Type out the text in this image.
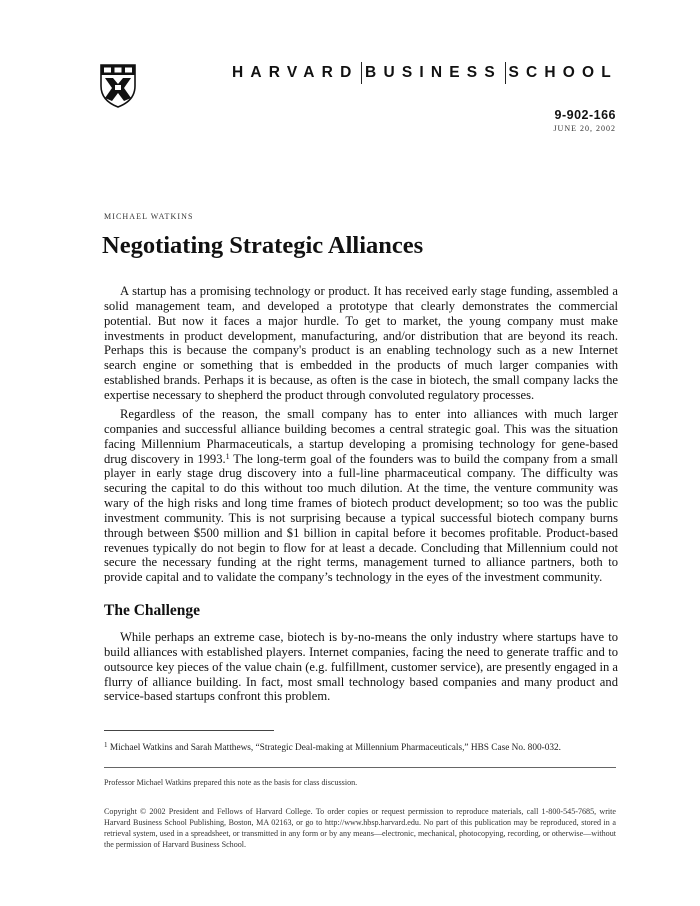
HARVARD BUSINESS SCHOOL
9-902-166
JUNE 20, 2002
MICHAEL WATKINS
Negotiating Strategic Alliances

A startup has a promising technology or product. It has received early stage funding, assembled a solid management team, and developed a prototype that clearly demonstrates the commercial potential. But now it faces a major hurdle. To get to market, the young company must make investments in product development, manufacturing, and/or distribution that are beyond its reach. Perhaps this is because the company's product is an enabling technology such as a new Internet search engine or something that is embedded in the products of much larger companies with established brands. Perhaps it is because, as often is the case in biotech, the small company lacks the expertise necessary to shepherd the product through convoluted regulatory processes.

Regardless of the reason, the small company has to enter into alliances with much larger companies and successful alliance building becomes a central strategic goal. This was the situation facing Millennium Pharmaceuticals, a startup developing a promising technology for gene-based drug discovery in 1993.$^1$ The long-term goal of the founders was to build the company from a small player in early stage drug discovery into a full-line pharmaceutical company. The difficulty was securing the capital to do this without too much dilution. At the time, the venture community was wary of the high risks and long time frames of biotech product development; so too was the public investment community. This is not surprising because a typical successful biotech company burns through between $500 million and $1 billion in capital before it becomes profitable. Product-based revenues typically do not begin to flow for at least a decade. Concluding that Millennium could not secure the necessary funding at the right terms, management turned to alliance partners, both to provide capital and to validate the company’s technology in the eyes of the investment community.

The Challenge

While perhaps an extreme case, biotech is by-no-means the only industry where startups have to build alliances with established players. Internet companies, facing the need to generate traffic and to outsource key pieces of the value chain (e.g. fulfillment, customer service), are presently engaged in a flurry of alliance building. In fact, most small technology based companies and many product and service-based startups confront this problem.

$^1$ Michael Watkins and Sarah Matthews, “Strategic Deal-making at Millennium Pharmaceuticals,” HBS Case No. 800-032.
Professor Michael Watkins prepared this note as the basis for class discussion.
Copyright © 2002 President and Fellows of Harvard College. To order copies or request permission to reproduce materials, call 1-800-545-7685, write Harvard Business School Publishing, Boston, MA 02163, or go to http://www.hbsp.harvard.edu. No part of this publication may be reproduced, stored in a retrieval system, used in a spreadsheet, or transmitted in any form or by any means—electronic, mechanical, photocopying, recording, or otherwise—without the permission of Harvard Business School.
